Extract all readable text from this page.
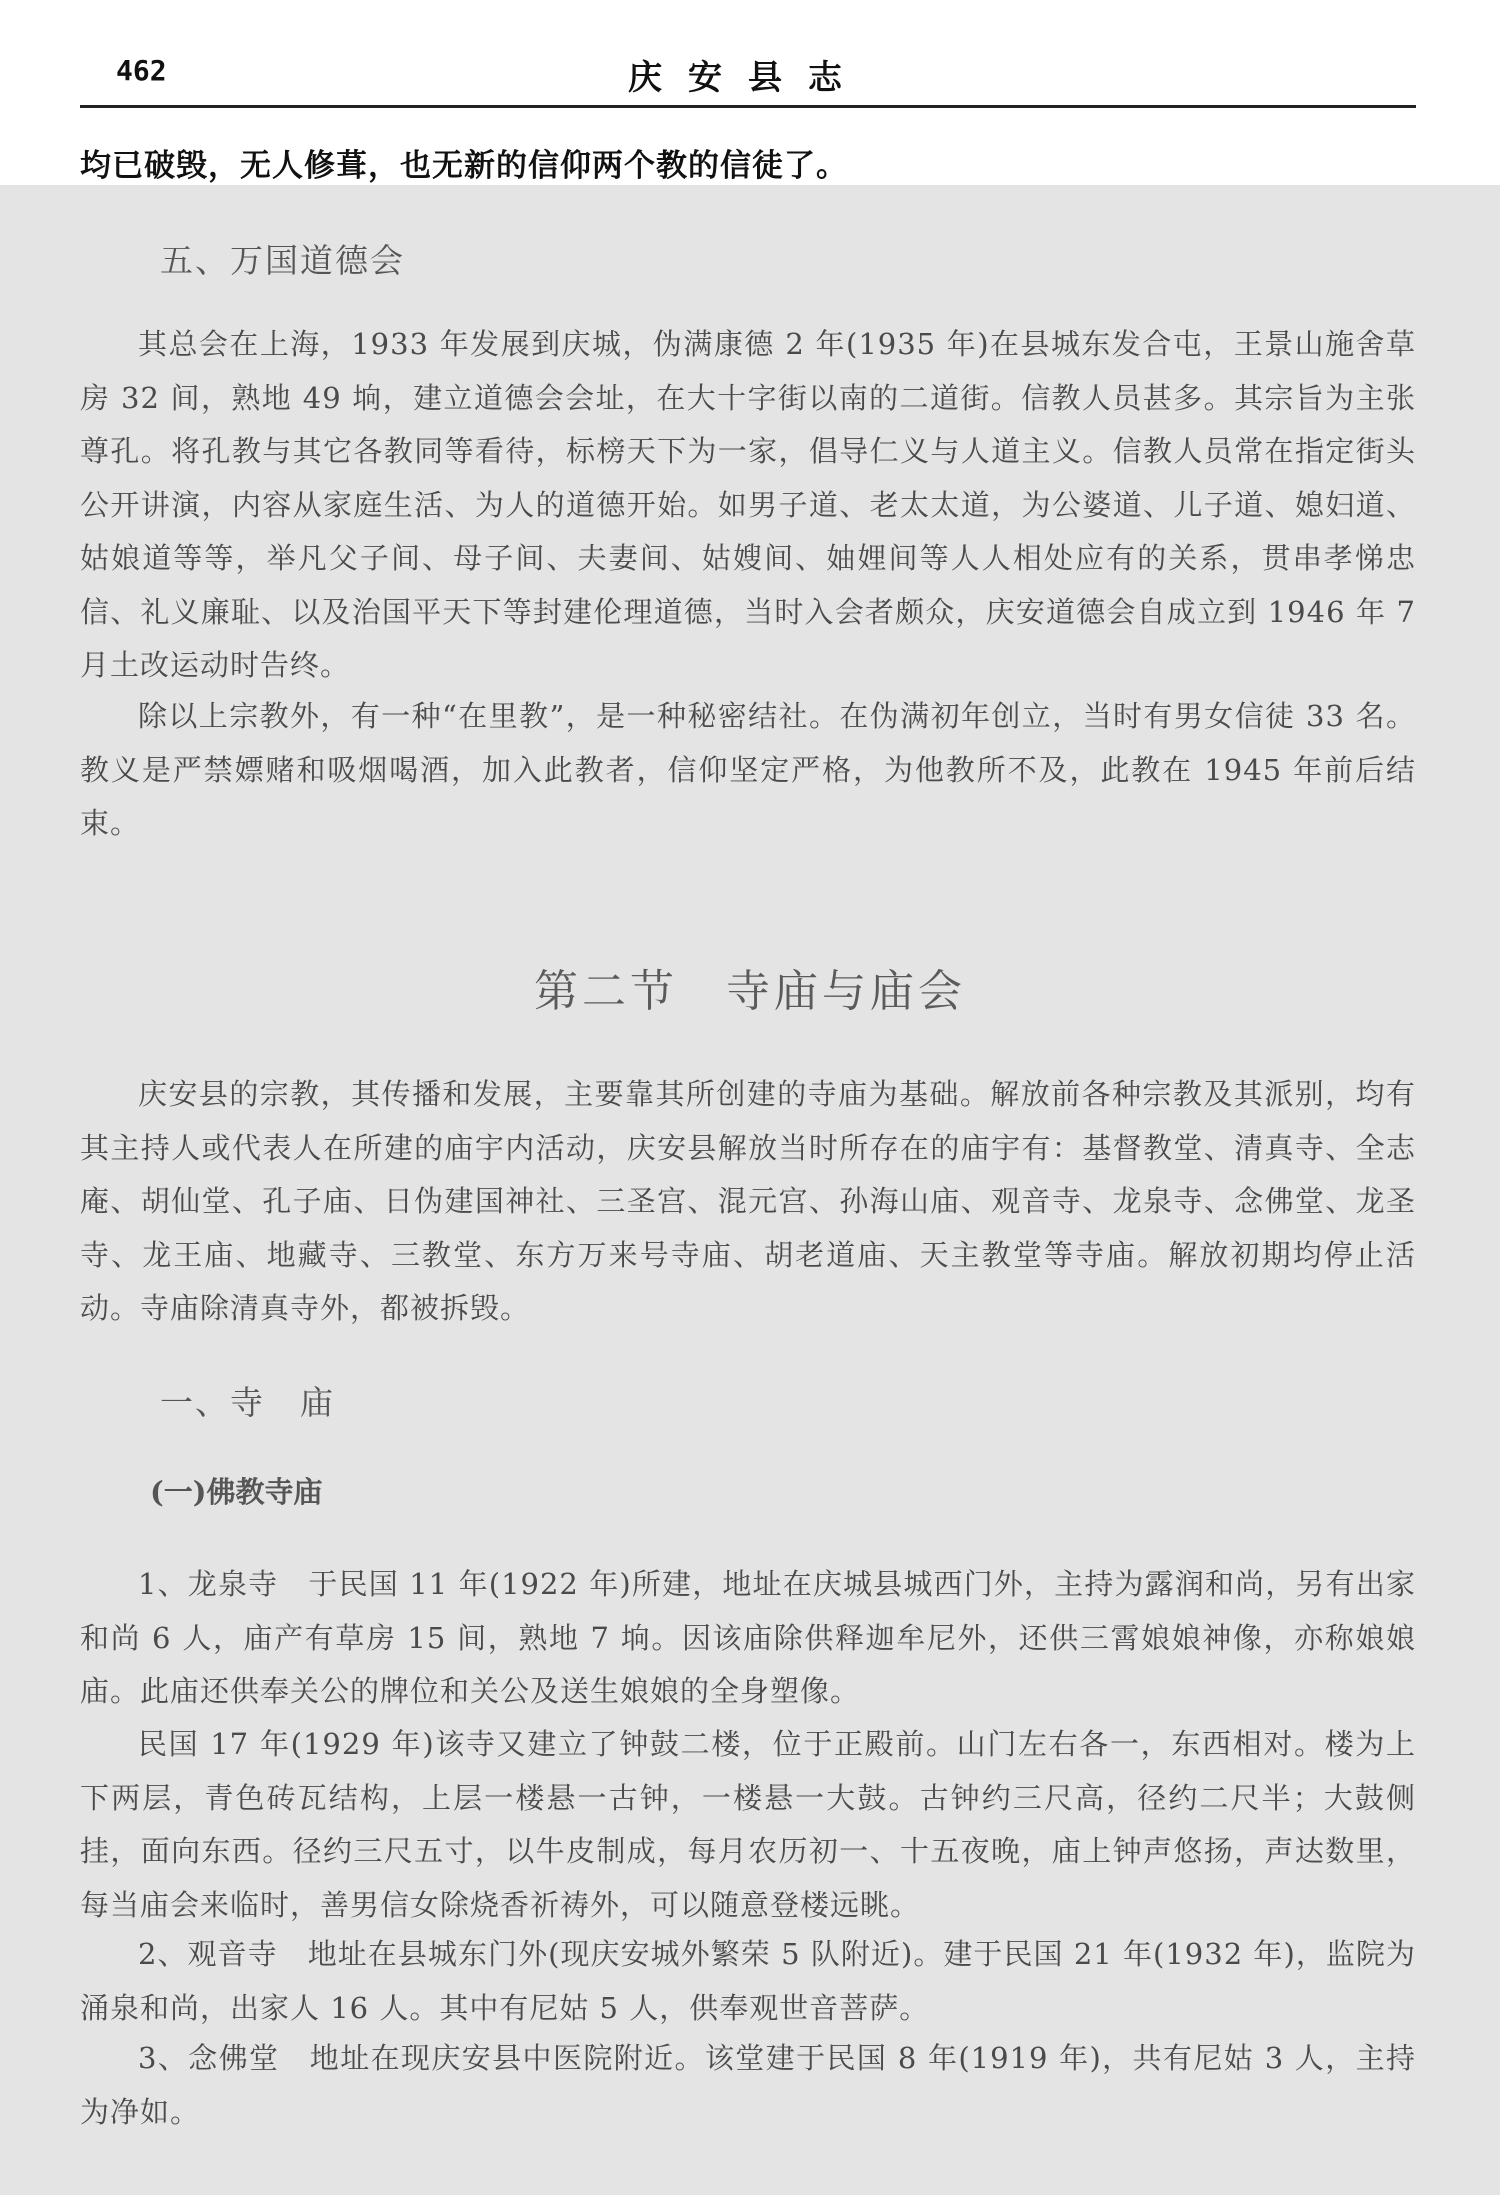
462	庆安县志
均已破毁，无人修葺，也无新的信仰两个教的信徒了。
五、万国道德会

其总会在上海，1933 年发展到庆城，伪满康德 2 年(1935 年)在县城东发合屯，王景山施舍草房 32 间，熟地 49 垧，建立道德会会址，在大十字街以南的二道街。信教人员甚多。其宗旨为主张尊孔。将孔教与其它各教同等看待，标榜天下为一家，倡导仁义与人道主义。信教人员常在指定街头公开讲演，内容从家庭生活、为人的道德开始。如男子道、老太太道，为公婆道、儿子道、媳妇道、姑娘道等等，举凡父子间、母子间、夫妻间、姑嫂间、妯娌间等人人相处应有的关系，贯串孝悌忠信、礼义廉耻、以及治国平天下等封建伦理道德，当时入会者颇众，庆安道德会自成立到 1946 年 7 月土改运动时告终。

除以上宗教外，有一种“在里教”，是一种秘密结社。在伪满初年创立，当时有男女信徒 33 名。教义是严禁嫖赌和吸烟喝酒，加入此教者，信仰坚定严格，为他教所不及，此教在 1945 年前后结束。

第二节　寺庙与庙会

庆安县的宗教，其传播和发展，主要靠其所创建的寺庙为基础。解放前各种宗教及其派别，均有其主持人或代表人在所建的庙宇内活动，庆安县解放当时所存在的庙宇有：基督教堂、清真寺、全志庵、胡仙堂、孔子庙、日伪建国神社、三圣宫、混元宫、孙海山庙、观音寺、龙泉寺、念佛堂、龙圣寺、龙王庙、地藏寺、三教堂、东方万来号寺庙、胡老道庙、天主教堂等寺庙。解放初期均停止活动。寺庙除清真寺外，都被拆毁。

一、寺　庙
(一)佛教寺庙

1、龙泉寺　于民国 11 年(1922 年)所建，地址在庆城县城西门外，主持为露润和尚，另有出家和尚 6 人，庙产有草房 15 间，熟地 7 垧。因该庙除供释迦牟尼外，还供三霄娘娘神像，亦称娘娘庙。此庙还供奉关公的牌位和关公及送生娘娘的全身塑像。

民国 17 年(1929 年)该寺又建立了钟鼓二楼，位于正殿前。山门左右各一，东西相对。楼为上下两层，青色砖瓦结构，上层一楼悬一古钟，一楼悬一大鼓。古钟约三尺高，径约二尺半；大鼓侧挂，面向东西。径约三尺五寸，以牛皮制成，每月农历初一、十五夜晚，庙上钟声悠扬，声达数里，每当庙会来临时，善男信女除烧香祈祷外，可以随意登楼远眺。

2、观音寺　地址在县城东门外(现庆安城外繁荣 5 队附近)。建于民国 21 年(1932 年)，监院为涌泉和尚，出家人 16 人。其中有尼姑 5 人，供奉观世音菩萨。

3、念佛堂　地址在现庆安县中医院附近。该堂建于民国 8 年(1919 年)，共有尼姑 3 人，主持为净如。
